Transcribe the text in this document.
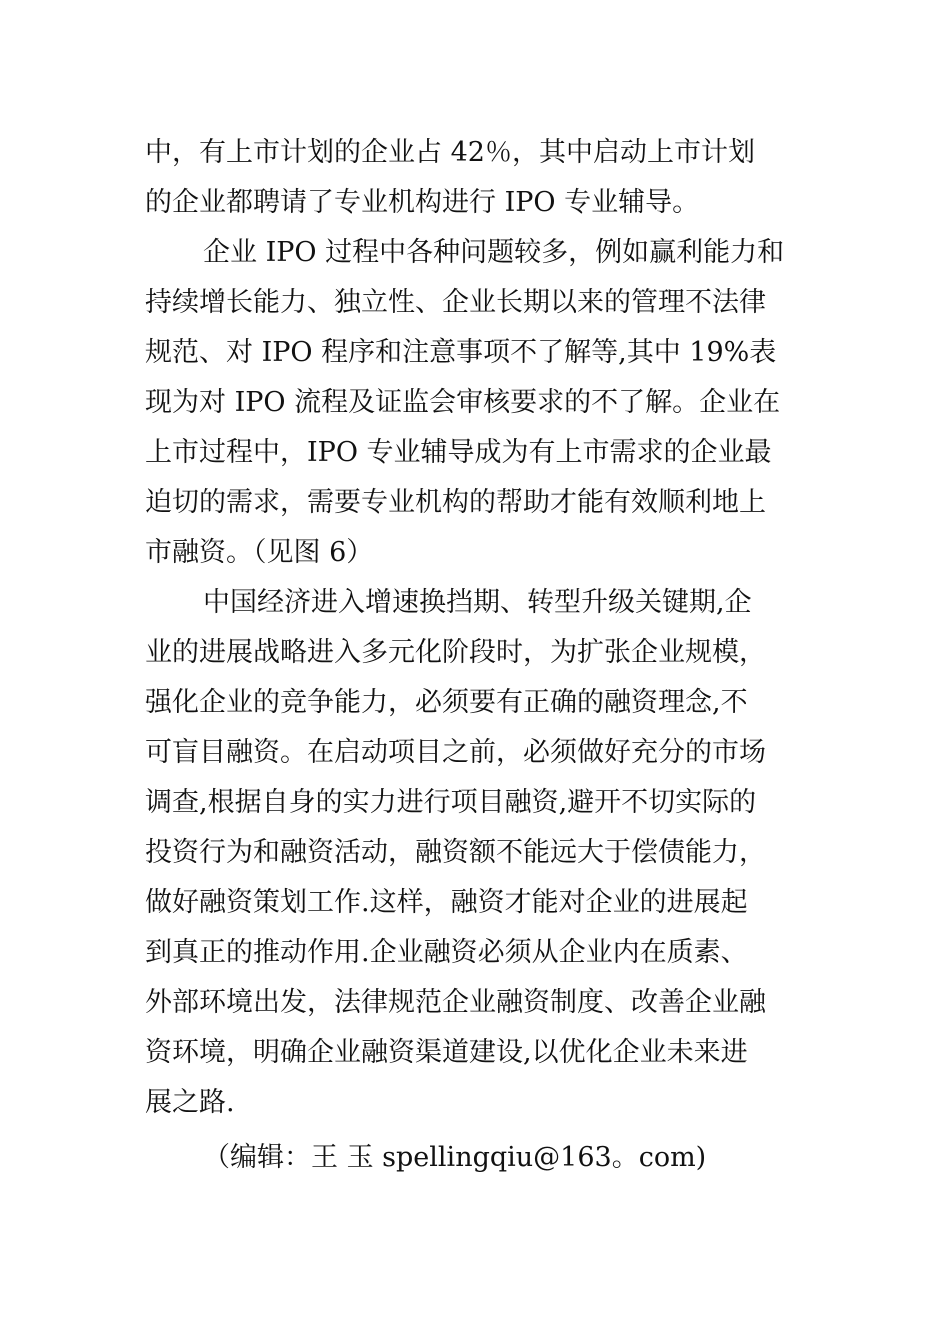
中，有上市计划的企业占 42％，其中启动上市计划
的企业都聘请了专业机构进行 IPO 专业辅导。
企业 IPO 过程中各种问题较多，例如赢利能力和
持续增长能力、独立性、企业长期以来的管理不法律
规范、对 IPO 程序和注意事项不了解等,其中 19%表
现为对 IPO 流程及证监会审核要求的不了解。企业在
上市过程中，IPO 专业辅导成为有上市需求的企业最
迫切的需求，需要专业机构的帮助才能有效顺利地上
市融资。（见图 6）
中国经济进入增速换挡期、转型升级关键期,企
业的进展战略进入多元化阶段时，为扩张企业规模，
强化企业的竞争能力，必须要有正确的融资理念,不
可盲目融资。在启动项目之前，必须做好充分的市场
调查,根据自身的实力进行项目融资,避开不切实际的
投资行为和融资活动，融资额不能远大于偿债能力，
做好融资策划工作.这样，融资才能对企业的进展起
到真正的推动作用.企业融资必须从企业内在质素、
外部环境出发，法律规范企业融资制度、改善企业融
资环境，明确企业融资渠道建设,以优化企业未来进
展之路.
（编辑：王 玉 spellingqiu@163。com)
